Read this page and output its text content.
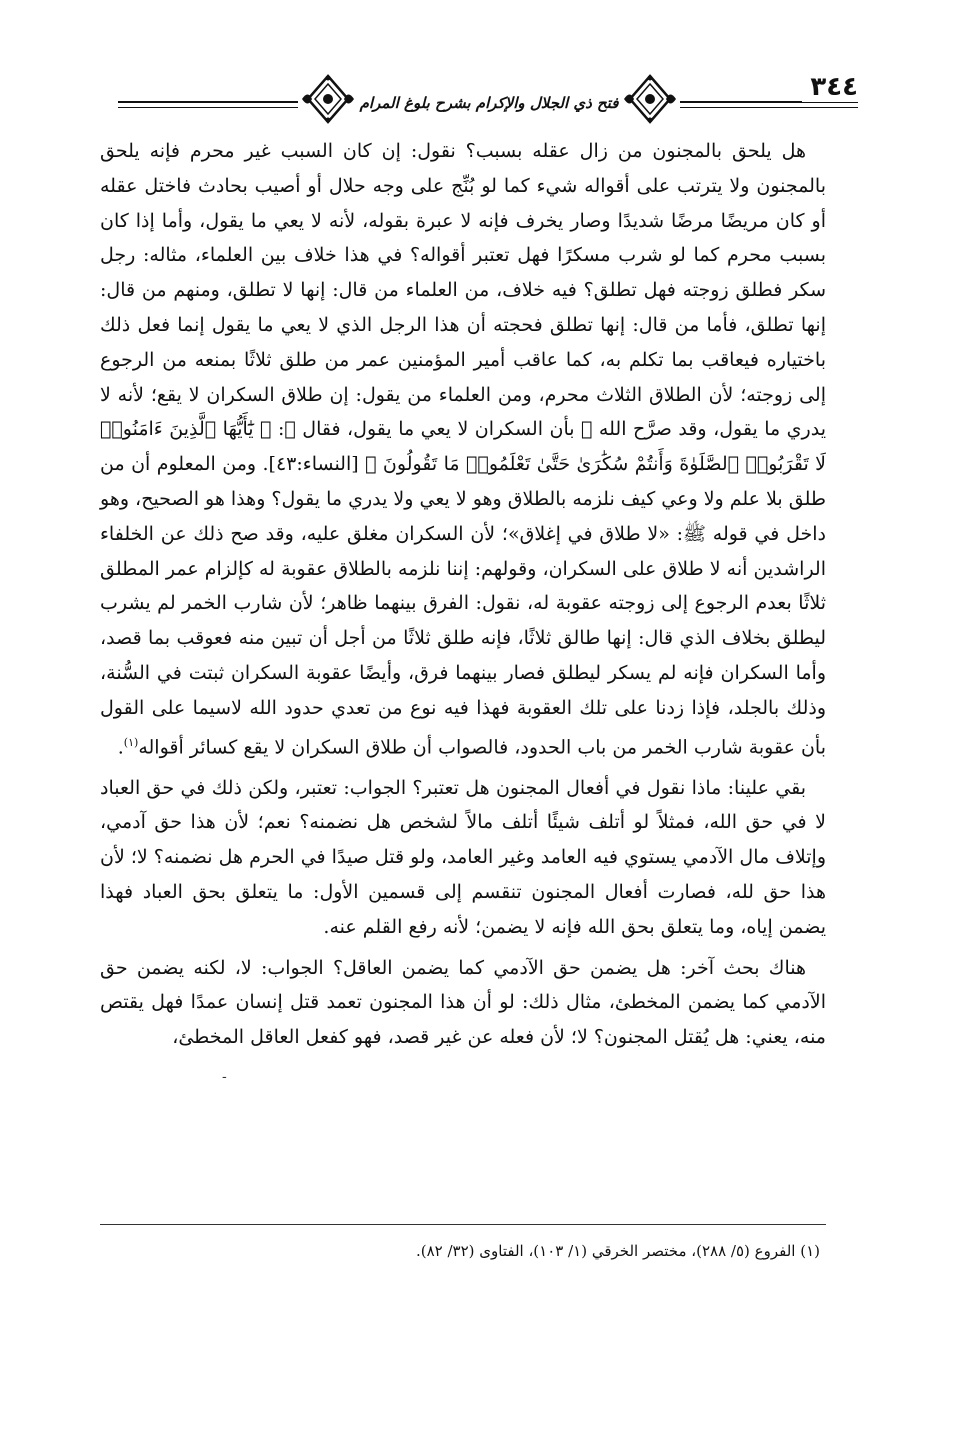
فتح ذي الجلال والإكرام بشرح بلوغ المرام
٣٤٤

هل يلحق بالمجنون من زال عقله بسبب؟ نقول: إن كان السبب غير محرم فإنه يلحق بالمجنون ولا يترتب على أقواله شيء كما لو بُنِّج على وجه حلال أو أصيب بحادث فاختل عقله أو كان مريضًا مرضًا شديدًا وصار يخرف فإنه لا عبرة بقوله، لأنه لا يعي ما يقول، وأما إذا كان بسبب محرم كما لو شرب مسكرًا فهل تعتبر أقواله؟ في هذا خلاف بين العلماء، مثاله: رجل سكر فطلق زوجته فهل تطلق؟ فيه خلاف، من العلماء من قال: إنها لا تطلق، ومنهم من قال: إنها تطلق، فأما من قال: إنها تطلق فحجته أن هذا الرجل الذي لا يعي ما يقول إنما فعل ذلك باختياره فيعاقب بما تكلم به، كما عاقب أمير المؤمنين عمر من طلق ثلاثًا بمنعه من الرجوع إلى زوجته؛ لأن الطلاق الثلاث محرم، ومن العلماء من يقول: إن طلاق السكران لا يقع؛ لأنه لا يدري ما يقول، وقد صرَّح الله ﷻ بأن السكران لا يعي ما يقول، فقال ﷻ: ﴿ يَٰٓأَيُّهَا ٱلَّذِينَ ءَامَنُوا۟ لَا تَقْرَبُوا۟ ٱلصَّلَوٰةَ وَأَنتُمْ سُكَٰرَىٰ حَتَّىٰ تَعْلَمُوا۟ مَا تَقُولُونَ ﴾ [النساء:٤٣]. ومن المعلوم أن من طلق بلا علم ولا وعي كيف نلزمه بالطلاق وهو لا يعي ولا يدري ما يقول؟ وهذا هو الصحيح، وهو داخل في قوله ﷺ: «لا طلاق في إغلاق»؛ لأن السكران مغلق عليه، وقد صح ذلك عن الخلفاء الراشدين أنه لا طلاق على السكران، وقولهم: إننا نلزمه بالطلاق عقوبة له كإلزام عمر المطلق ثلاثًا بعدم الرجوع إلى زوجته عقوبة له، نقول: الفرق بينهما ظاهر؛ لأن شارب الخمر لم يشرب ليطلق بخلاف الذي قال: إنها طالق ثلاثًا، فإنه طلق ثلاثًا من أجل أن تبين منه فعوقب بما قصد، وأما السكران فإنه لم يسكر ليطلق فصار بينهما فرق، وأيضًا عقوبة السكران ثبتت في السُّنة، وذلك بالجلد، فإذا زدنا على تلك العقوبة فهذا فيه نوع من تعدي حدود الله لاسيما على القول بأن عقوبة شارب الخمر من باب الحدود، فالصواب أن طلاق السكران لا يقع كسائر أقواله$^{(١)}$.

بقي علينا: ماذا نقول في أفعال المجنون هل تعتبر؟ الجواب: تعتبر، ولكن ذلك في حق العباد لا في حق الله، فمثلاً لو أتلف شيئًا أتلف مالاً لشخص هل نضمنه؟ نعم؛ لأن هذا حق آدمي، وإتلاف مال الآدمي يستوي فيه العامد وغير العامد، ولو قتل صيدًا في الحرم هل نضمنه؟ لا؛ لأن هذا حق لله، فصارت أفعال المجنون تنقسم إلى قسمين الأول: ما يتعلق بحق العباد فهذا يضمن إياه، وما يتعلق بحق الله فإنه لا يضمن؛ لأنه رفع القلم عنه.

هناك بحث آخر: هل يضمن حق الآدمي كما يضمن العاقل؟ الجواب: لا، لكنه يضمن حق الآدمي كما يضمن المخطئ، مثال ذلك: لو أن هذا المجنون تعمد قتل إنسان عمدًا فهل يقتص منه، يعني: هل يُقتل المجنون؟ لا؛ لأن فعله عن غير قصد، فهو كفعل العاقل المخطئ،

-
(١) الفروع (٥/ ٢٨٨)، مختصر الخرقي (١/ ١٠٣)، الفتاوى (٣٢/ ٨٢).
